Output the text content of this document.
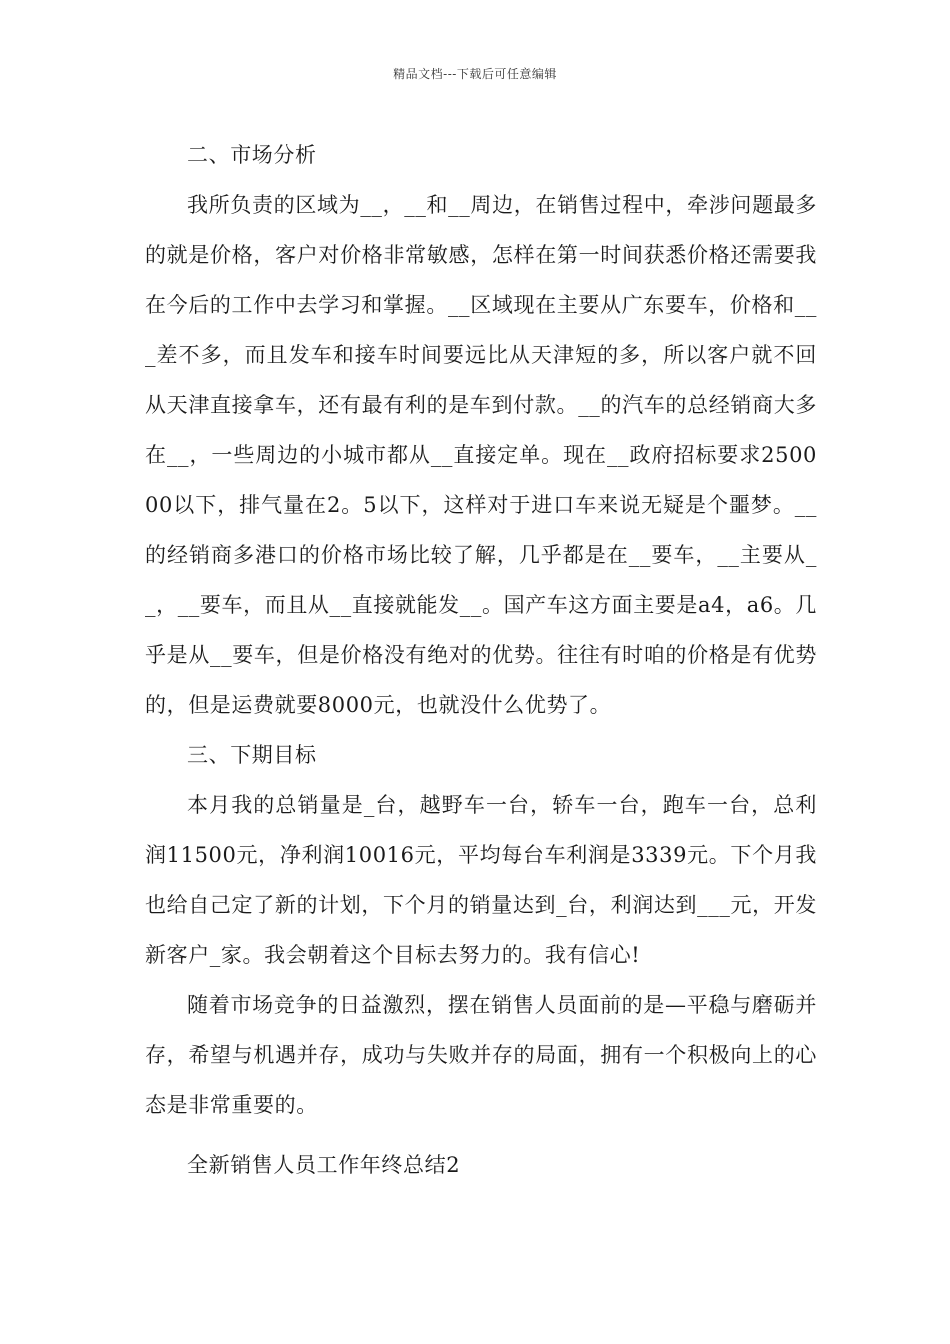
精品文档---下载后可任意编辑

二、市场分析

我所负责的区域为__，__和__周边，在销售过程中，牵涉问题最多的就是价格，客户对价格非常敏感，怎样在第一时间获悉价格还需要我在今后的工作中去学习和掌握。__区域现在主要从广东要车，价格和___差不多，而且发车和接车时间要远比从天津短的多，所以客户就不回从天津直接拿车，还有最有利的是车到付款。__的汽车的总经销商大多在__，一些周边的小城市都从__直接定单。现在__政府招标要求250000以下，排气量在2。5以下，这样对于进口车来说无疑是个噩梦。__的经销商多港口的价格市场比较了解，几乎都是在__要车，__主要从__，__要车，而且从__直接就能发__。国产车这方面主要是a4，a6。几乎是从__要车，但是价格没有绝对的优势。往往有时咱的价格是有优势的，但是运费就要8000元，也就没什么优势了。

三、下期目标

本月我的总销量是_台，越野车一台，轿车一台，跑车一台，总利润11500元，净利润10016元，平均每台车利润是3339元。下个月我也给自己定了新的计划，下个月的销量达到_台，利润达到___元，开发新客户_家。我会朝着这个目标去努力的。我有信心!

随着市场竞争的日益激烈，摆在销售人员面前的是—平稳与磨砺并存，希望与机遇并存，成功与失败并存的局面，拥有一个积极向上的心态是非常重要的。

全新销售人员工作年终总结2
